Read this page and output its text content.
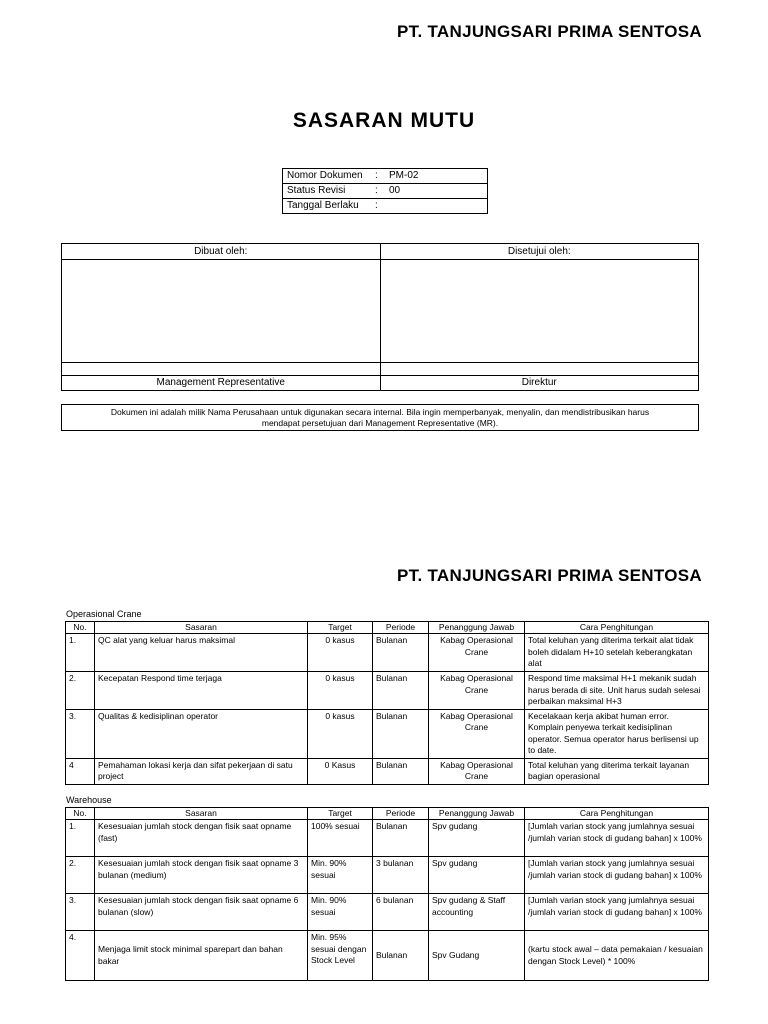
PT. TANJUNGSARI PRIMA SENTOSA
SASARAN MUTU
Nomor Dokumen : PM-02
Status Revisi	: 00
Tanggal Berlaku :
Dibuat oleh:	Disetujui oleh:

Management Representative	Direktur
Dokumen ini adalah milik Nama Perusahaan untuk digunakan secara internal. Bila ingin memperbanyak, menyalin, dan mendistribusikan harus
mendapat persetujuan dari Management Representative (MR).
PT. TANJUNGSARI PRIMA SENTOSA
Operasional Crane
No.	Sasaran	Target	Periode	Penanggung Jawab	Cara Penghitungan
1.	QC alat yang keluar harus maksimal	0 kasus	Bulanan	Kabag Operasional Crane	Total keluhan yang diterima terkait alat tidak boleh didalam H+10 setelah keberangkatan alat
2.	Kecepatan Respond time terjaga	0 kasus	Bulanan	Kabag Operasional Crane	Respond time maksimal H+1 mekanik sudah harus berada di site. Unit harus sudah selesai perbaikan maksimal H+3
3.	Qualitas & kedisiplinan operator	0 kasus	Bulanan	Kabag Operasional Crane	Kecelakaan kerja akibat human error. Komplain penyewa terkait kedisiplinan operator. Semua operator harus berlisensi up to date.
4	Pemahaman lokasi kerja dan sifat pekerjaan di satu project	0 Kasus	Bulanan	Kabag Operasional Crane	Total keluhan yang diterima terkait layanan bagian operasional
Warehouse
No.	Sasaran	Target	Periode	Penanggung Jawab	Cara Penghitungan
1.	Kesesuaian jumlah stock dengan fisik saat opname (fast)	100% sesuai	Bulanan	Spv gudang	[Jumlah varian stock yang jumlahnya sesuai /jumlah varian stock di gudang bahan] x 100%
2.	Kesesuaian jumlah stock dengan fisik saat opname 3 bulanan (medium)	Min. 90% sesuai	3 bulanan	Spv gudang	[Jumlah varian stock yang jumlahnya sesuai /jumlah varian stock di gudang bahan] x 100%
3.	Kesesuaian jumlah stock dengan fisik saat opname 6 bulanan (slow)	Min. 90% sesuai	6 bulanan	Spv gudang & Staff accounting	[Jumlah varian stock yang jumlahnya sesuai /jumlah varian stock di gudang bahan] x 100%
4.	Menjaga limit stock minimal sparepart dan bahan bakar	Min. 95% sesuai dengan Stock Level	Bulanan	Spv Gudang	(kartu stock awal – data pemakaian / kesuaian dengan Stock Level) * 100%
